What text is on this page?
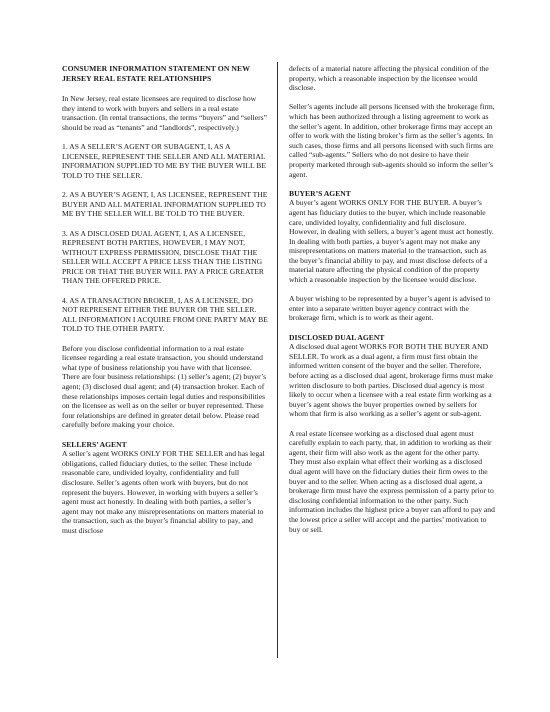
CONSUMER INFORMATION STATEMENT ON NEW JERSEY REAL ESTATE RELATIONSHIPS

In New Jersey, real estate licensees are required to disclose how they intend to work with buyers and sellers in a real estate transaction. (In rental transactions, the terms “buyers” and “sellers” should be read as “tenants” and “landlords”, respectively.)

1. AS A SELLER’S AGENT OR SUBAGENT, I, AS A LICENSEE, REPRESENT THE SELLER AND ALL MATERIAL INFORMATION SUPPLIED TO ME BY THE BUYER WILL BE TOLD TO THE SELLER.

2. AS A BUYER’S AGENT, I, AS LICENSEE, REPRESENT THE BUYER AND ALL MATERIAL INFORMATION SUPPLIED TO ME BY THE SELLER WILL BE TOLD TO THE BUYER.

3. AS A DISCLOSED DUAL AGENT, I, AS A LICENSEE, REPRESENT BOTH PARTIES, HOWEVER, I MAY NOT, WITHOUT EXPRESS PERMISSION, DISCLOSE THAT THE SELLER WILL ACCEPT A PRICE LESS THAN THE LISTING PRICE OR THAT THE BUYER WILL PAY A PRICE GREATER THAN THE OFFERED PRICE.

4. AS A TRANSACTION BROKER, I, AS A LICENSEE, DO NOT REPRESENT EITHER THE BUYER OR THE SELLER. ALL INFORMATION I ACQUIRE FROM ONE PARTY MAY BE TOLD TO THE OTHER PARTY.

Before you disclose confidential information to a real estate licensee regarding a real estate transaction, you should understand what type of business relationship you have with that licensee. There are four business relationships: (1) seller’s agent; (2) buyer’s agent; (3) disclosed dual agent; and (4) transaction broker. Each of these relationships imposes certain legal duties and responsibilities on the licensee as well as on the seller or buyer represented. These four relationships are defined in greater detail below. Please read carefully before making your choice.

SELLERS’ AGENT

A seller’s agent WORKS ONLY FOR THE SELLER and has legal obligations, called fiduciary duties, to the seller. These include reasonable care, undivided loyalty, confidentiality and full disclosure. Seller’s agents often work with buyers, but do not represent the buyers. However, in working with buyers a seller’s agent must act honestly. In dealing with both parties, a seller’s agent may not make any misrepresentations on matters material to the transaction, such as the buyer’s financial ability to pay, and must disclose

defects of a material nature affecting the physical condition of the property, which a reasonable inspection by the licensee would disclose.

Seller’s agents include all persons licensed with the brokerage firm, which has been authorized through a listing agreement to work as the seller’s agent. In addition, other brokerage firms may accept an offer to work with the listing broker’s firm as the seller’s agents. In such cases, those firms and all persons licensed with such firms are called “sub-agents.” Sellers who do not desire to have their property marketed through sub-agents should so inform the seller’s agent.

BUYER’S AGENT

A buyer’s agent WORKS ONLY FOR THE BUYER. A buyer’s agent has fiduciary duties to the buyer, which include reasonable care, undivided loyalty, confidentiality and full disclosure. However, in dealing with sellers, a buyer’s agent must act honestly. In dealing with both parties, a buyer’s agent may not make any misrepresentations on matters material to the transaction, such as the buyer’s financial ability to pay, and must disclose defects of a material nature affecting the physical condition of the property which a reasonable inspection by the licensee would disclose.

A buyer wishing to be represented by a buyer’s agent is advised to enter into a separate written buyer agency contract with the brokerage firm, which is to work as their agent.

DISCLOSED DUAL AGENT

A disclosed dual agent WORKS FOR BOTH THE BUYER AND SELLER. To work as a dual agent, a firm must first obtain the informed written consent of the buyer and the seller. Therefore, before acting as a disclosed dual agent, brokerage firms must make written disclosure to both parties. Disclosed dual agency is most likely to occur when a licensee with a real estate firm working as a buyer’s agent shows the buyer properties owned by sellers for whom that firm is also working as a seller’s agent or sub-agent.

A real estate licensee working as a disclosed dual agent must carefully explain to each party, that, in addition to working as their agent, their firm will also work as the agent for the other party. They must also explain what effect their working as a disclosed dual agent will have on the fiduciary duties their firm owes to the buyer and to the seller. When acting as a disclosed dual agent, a brokerage firm must have the express permission of a party prior to disclosing confidential information to the other party. Such information includes the highest price a buyer can afford to pay and the lowest price a seller will accept and the parties’ motivation to buy or sell.
